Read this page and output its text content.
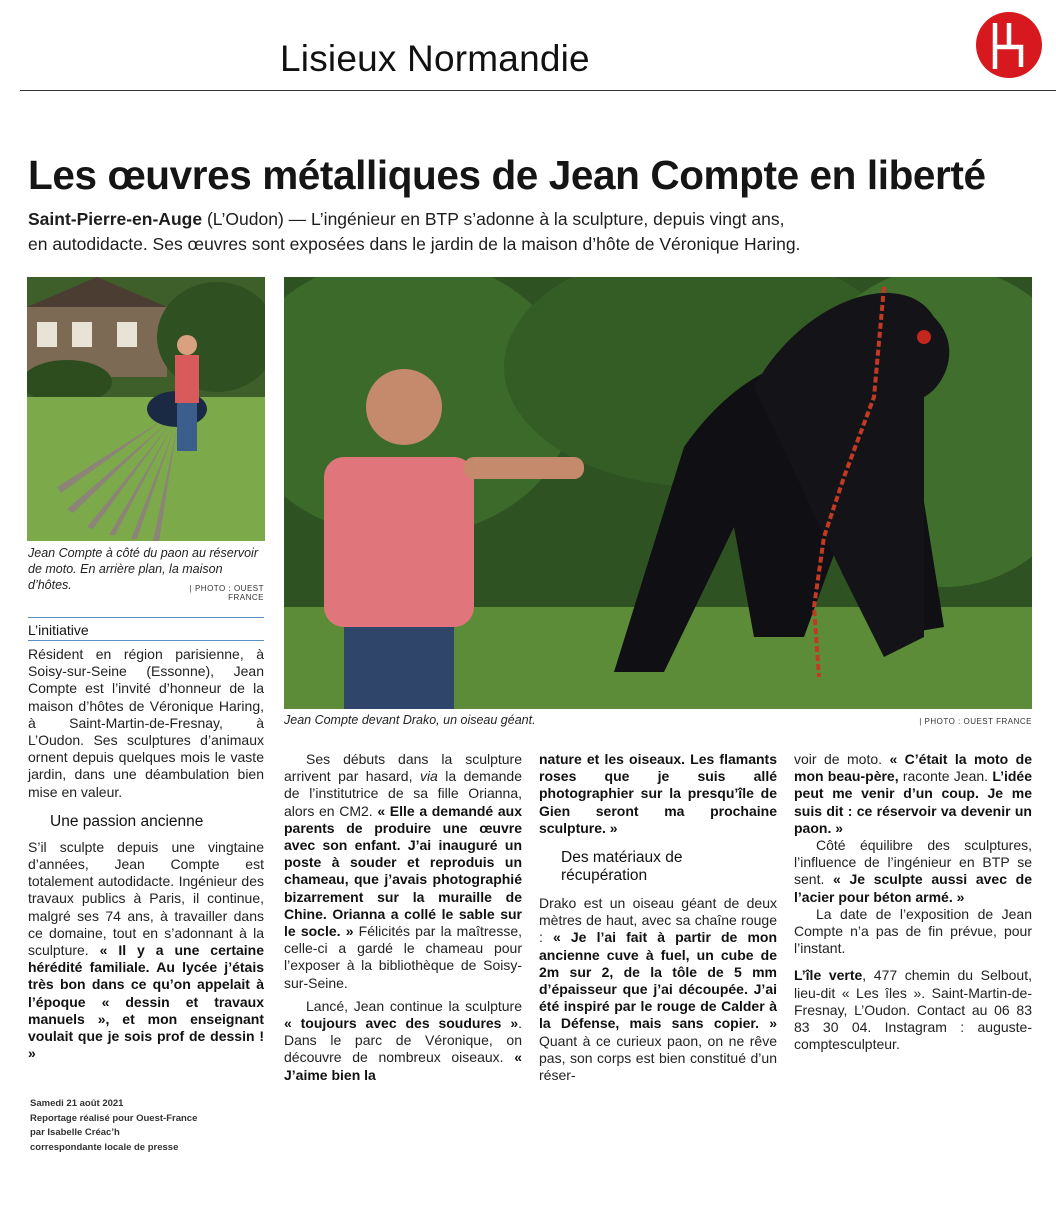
Lisieux Normandie
Les œuvres métalliques de Jean Compte en liberté
Saint-Pierre-en-Auge (L’Oudon) — L’ingénieur en BTP s’adonne à la sculpture, depuis vingt ans,
en autodidacte. Ses œuvres sont exposées dans le jardin de la maison d’hôte de Véronique Haring.
Jean Compte à côté du paon au réservoir de moto. En arrière plan, la maison d’hôtes.	| PHOTO : OUEST FRANCE
Jean Compte devant Drako, un oiseau géant.	| PHOTO : OUEST FRANCE
L’initiative

Résident en région parisienne, à Soisy-sur-Seine (Essonne), Jean Compte est l’invité d’honneur de la maison d’hôtes de Véronique Haring, à Saint-Martin-de-Fresnay, à L’Oudon. Ses sculptures d’animaux ornent depuis quelques mois le vaste jardin, dans une déambulation bien mise en valeur.

Une passion ancienne

S’il sculpte depuis une vingtaine d’années, Jean Compte est totalement autodidacte. Ingénieur des travaux publics à Paris, il continue, malgré ses 74 ans, à travailler dans ce domaine, tout en s’adonnant à la sculpture. « Il y a une certaine hérédité familiale. Au lycée j’étais très bon dans ce qu’on appelait à l’époque « dessin et travaux manuels », et mon enseignant voulait que je sois prof de dessin ! »

Ses débuts dans la sculpture arrivent par hasard, via la demande de l’institutrice de sa fille Orianna, alors en CM2. « Elle a demandé aux parents de produire une œuvre avec son enfant. J’ai inauguré un poste à souder et reproduis un chameau, que j’avais photographié bizarrement sur la muraille de Chine. Orianna a collé le sable sur le socle. » Félicités par la maîtresse, celle-ci a gardé le chameau pour l’exposer à la bibliothèque de Soisy-sur-Seine.

Lancé, Jean continue la sculpture « toujours avec des soudures ». Dans le parc de Véronique, on découvre de nombreux oiseaux. « J’aime bien la

nature et les oiseaux. Les flamants roses que je suis allé photographier sur la presqu’île de Gien seront ma prochaine sculpture. »

Des matériaux de récupération

Drako est un oiseau géant de deux mètres de haut, avec sa chaîne rouge : « Je l’ai fait à partir de mon ancienne cuve à fuel, un cube de 2m sur 2, de la tôle de 5 mm d’épaisseur que j’ai découpée. J’ai été inspiré par le rouge de Calder à la Défense, mais sans copier. » Quant à ce curieux paon, on ne rêve pas, son corps est bien constitué d’un réser-

voir de moto. « C’était la moto de mon beau-père, raconte Jean. L’idée peut me venir d’un coup. Je me suis dit : ce réservoir va devenir un paon. »

Côté équilibre des sculptures, l’influence de l’ingénieur en BTP se sent. « Je sculpte aussi avec de l’acier pour béton armé. »

La date de l’exposition de Jean Compte n’a pas de fin prévue, pour l’instant.

L’île verte, 477 chemin du Selbout, lieu-dit « Les îles ». Saint-Martin-de-Fresnay, L’Oudon. Contact au 06 83 83 30 04. Instagram : auguste-comptesculpteur.

Samedi 21 août 2021
Reportage réalisé pour Ouest-France
par Isabelle Créac’h
correspondante locale de presse
